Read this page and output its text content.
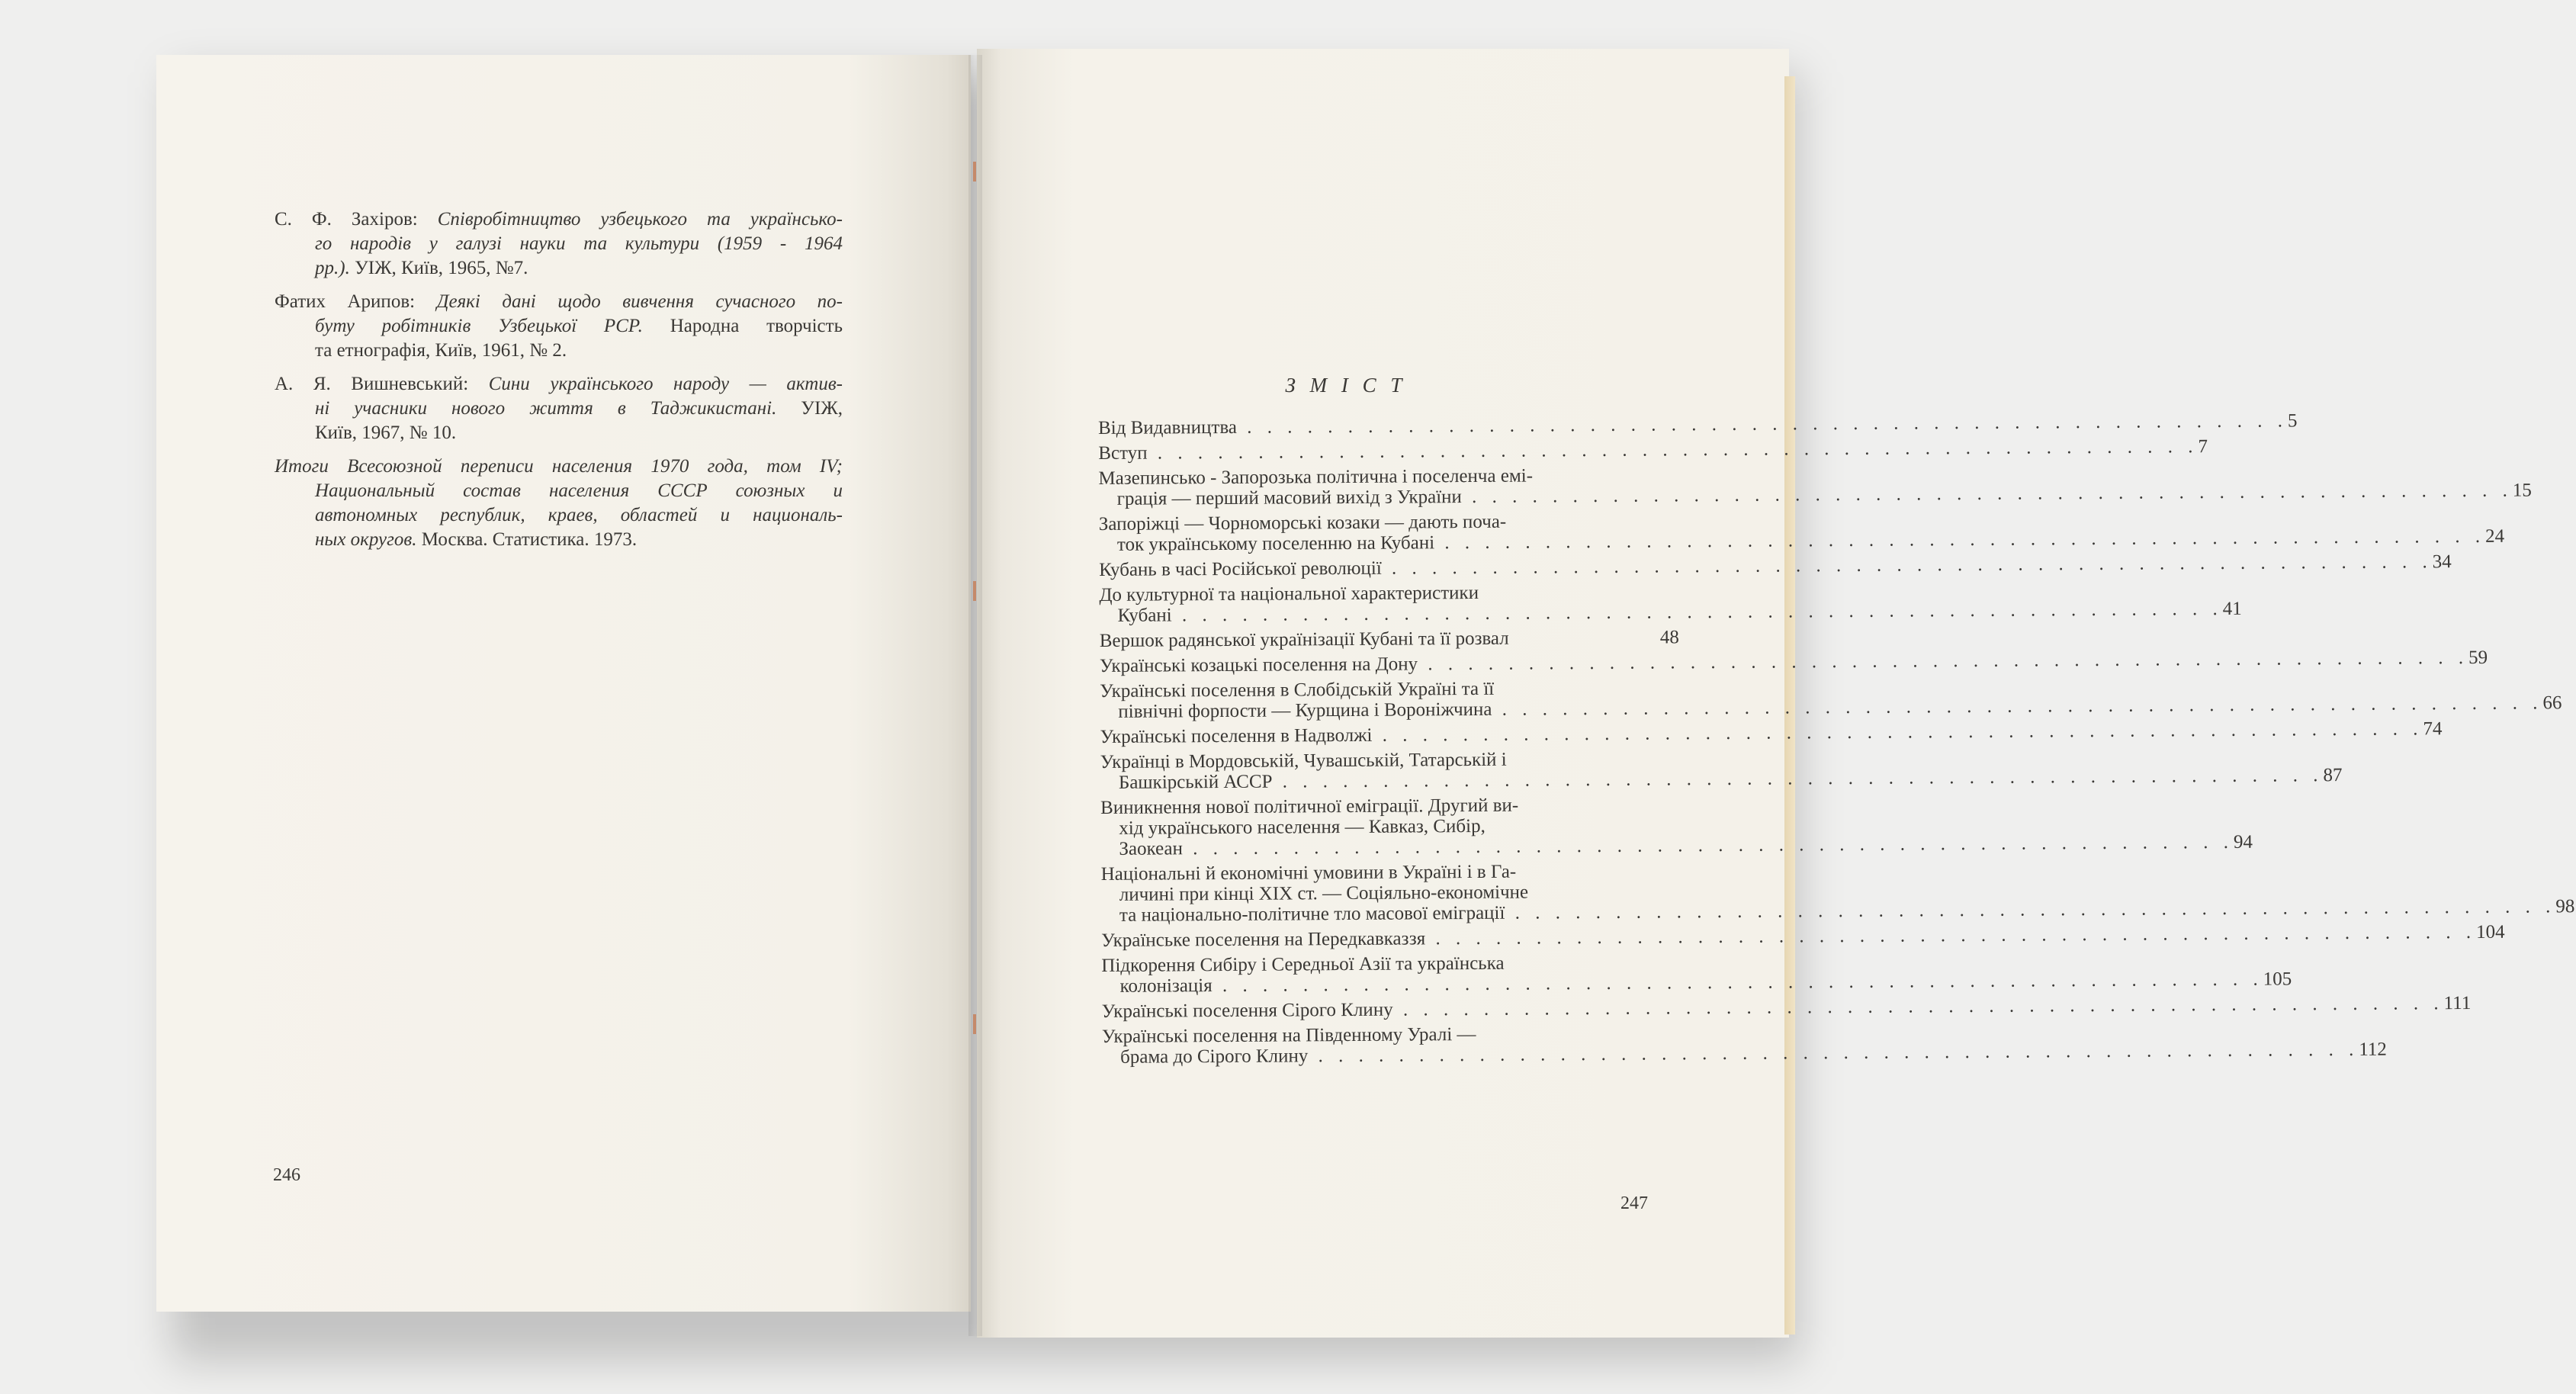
С. Ф. Захіров: Співробітництво узбецького та українсько-
го народів у галузі науки та культури (1959 - 1964
рр.). УІЖ, Київ, 1965, №7.
Фатих Арипов: Деякі дані щодо вивчення сучасного по-
буту робітників Узбецької РСР. Народна творчість
та етнографія, Київ, 1961, № 2.
А. Я. Вишневський: Сини українського народу — актив-
ні учасники нового життя в Таджикистані. УІЖ,
Київ, 1967, № 10.
Итоги Всесоюзной переписи населения 1970 года, том IV;
Национальный состав населения СССР союзных и
автономных республик, краев, областей и националь-
ных округов. Москва. Статистика. 1973.
246
З М І С Т
Від Видавництва . . .	5
Вступ . . .	7
Мазепинсько - Запорозька політична і поселенча емі-
грація — перший масовий вихід з України . . .	15
Запоріжці — Чорноморські козаки — дають поча-
ток українському поселенню на Кубані . . .	24
Кубань в часі Російської революції . . .	34
До культурної та національної характеристики
Кубані . . .	41
Вершок радянської українізації Кубані та її розвал	48
Українські козацькі поселення на Дону . . .	59
Українські поселення в Слобідській Україні та її
північні форпости — Курщина і Вороніжчина . . .	66
Українські поселення в Надволжі . . .	74
Українці в Мордовській, Чувашській, Татарській і
Башкірській АССР . . .	87
Виникнення нової політичної еміграції. Другий ви-
хід українського населення — Кавказ, Сибір,
Заокеан . . .	94
Національні й економічні умовини в Україні і в Га-
личині при кінці XIX ст. — Соціяльно-економічне
та національно-політичне тло масової еміграції . . .	98
Українське поселення на Передкавказзя . . .	104
Підкорення Сибіру і Середньої Азії та українська
колонізація . . .	105
Українські поселення Сірого Клину . . .	111
Українські поселення на Південному Уралі —
брама до Сірого Клину . . .	112
247
